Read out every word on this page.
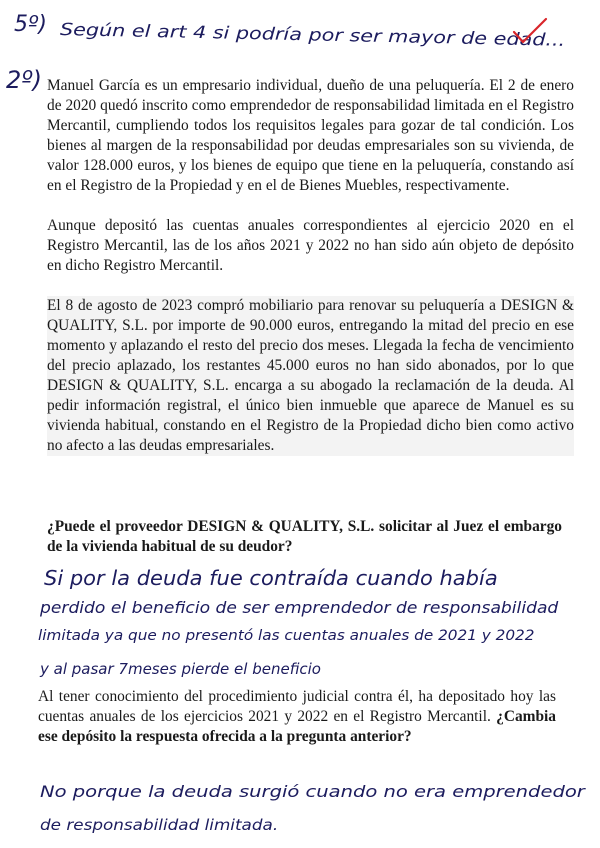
5º) Según el art 4 si podría por ser mayor de edad...
2º) Manuel García es un empresario individual, dueño de una peluquería. El 2 de enero de 2020 quedó inscrito como emprendedor de responsabilidad limitada en el Registro Mercantil, cumpliendo todos los requisitos legales para gozar de tal condición. Los bienes al margen de la responsabilidad por deudas empresariales son su vivienda, de valor 128.000 euros, y los bienes de equipo que tiene en la peluquería, constando así en el Registro de la Propiedad y en el de Bienes Muebles, respectivamente.

Aunque depositó las cuentas anuales correspondientes al ejercicio 2020 en el Registro Mercantil, las de los años 2021 y 2022 no han sido aún objeto de depósito en dicho Registro Mercantil.

El 8 de agosto de 2023 compró mobiliario para renovar su peluquería a DESIGN & QUALITY, S.L. por importe de 90.000 euros, entregando la mitad del precio en ese momento y aplazando el resto del precio dos meses. Llegada la fecha de vencimiento del precio aplazado, los restantes 45.000 euros no han sido abonados, por lo que DESIGN & QUALITY, S.L. encarga a su abogado la reclamación de la deuda. Al pedir información registral, el único bien inmueble que aparece de Manuel es su vivienda habitual, constando en el Registro de la Propiedad dicho bien como activo no afecto a las deudas empresariales.

¿Puede el proveedor DESIGN & QUALITY, S.L. solicitar al Juez el embargo de la vivienda habitual de su deudor?
Si por la deuda fue contraída cuando había
perdido el beneficio de ser emprendedor de responsabilidad
limitada ya que no presentó las cuentas anuales de 2021 y 2022
y al pasar 7meses pierde el beneficio
Al tener conocimiento del procedimiento judicial contra él, ha depositado hoy las cuentas anuales de los ejercicios 2021 y 2022 en el Registro Mercantil. ¿Cambia ese depósito la respuesta ofrecida a la pregunta anterior?
No porque la deuda surgió cuando no era emprendedor
de responsabilidad limitada.
